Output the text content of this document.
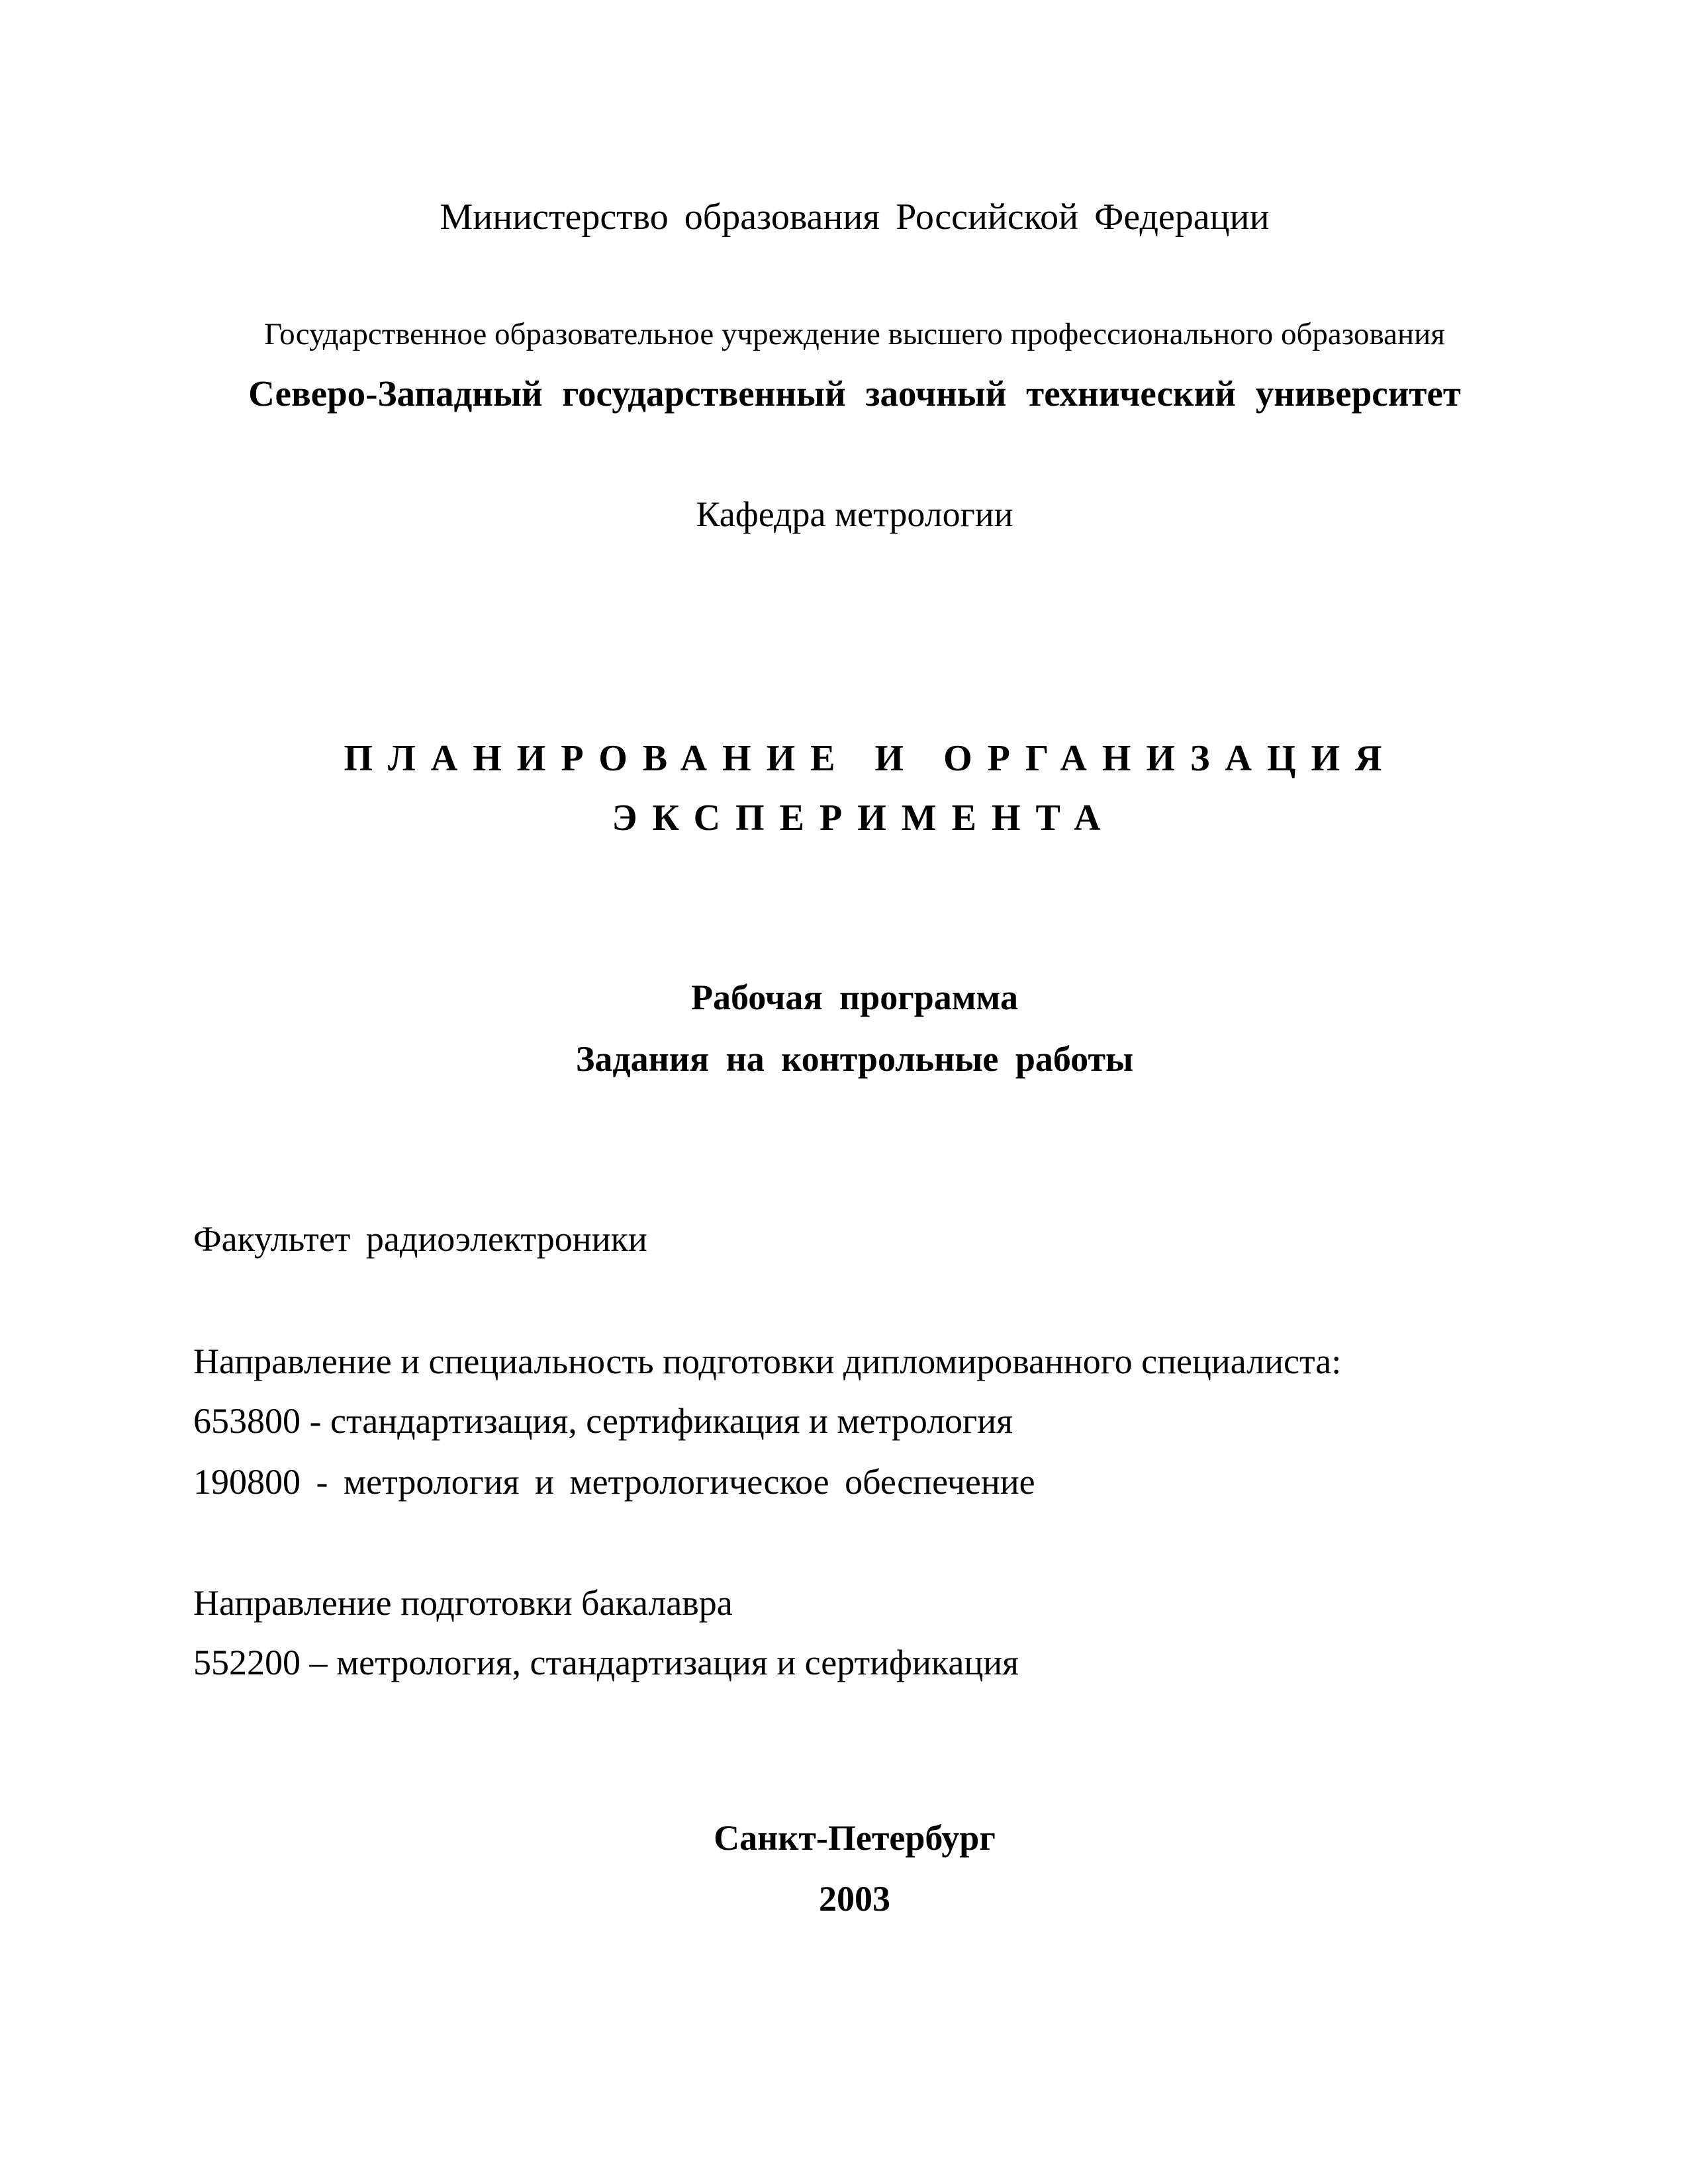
Министерство образования Российской Федерации
Государственное образовательное учреждение высшего профессионального образования
Северо-Западный государственный заочный технический университет
Кафедра метрологии
ПЛАНИРОВАНИЕ И ОРГАНИЗАЦИЯ
ЭКСПЕРИМЕНТА
Рабочая программа
Задания на контрольные работы
Факультет радиоэлектроники
Направление и специальность подготовки дипломированного специалиста:
653800 - стандартизация, сертификация и метрология
190800 - метрология и метрологическое обеспечение
Направление подготовки бакалавра
552200 – метрология, стандартизация и сертификация
Санкт-Петербург
2003
